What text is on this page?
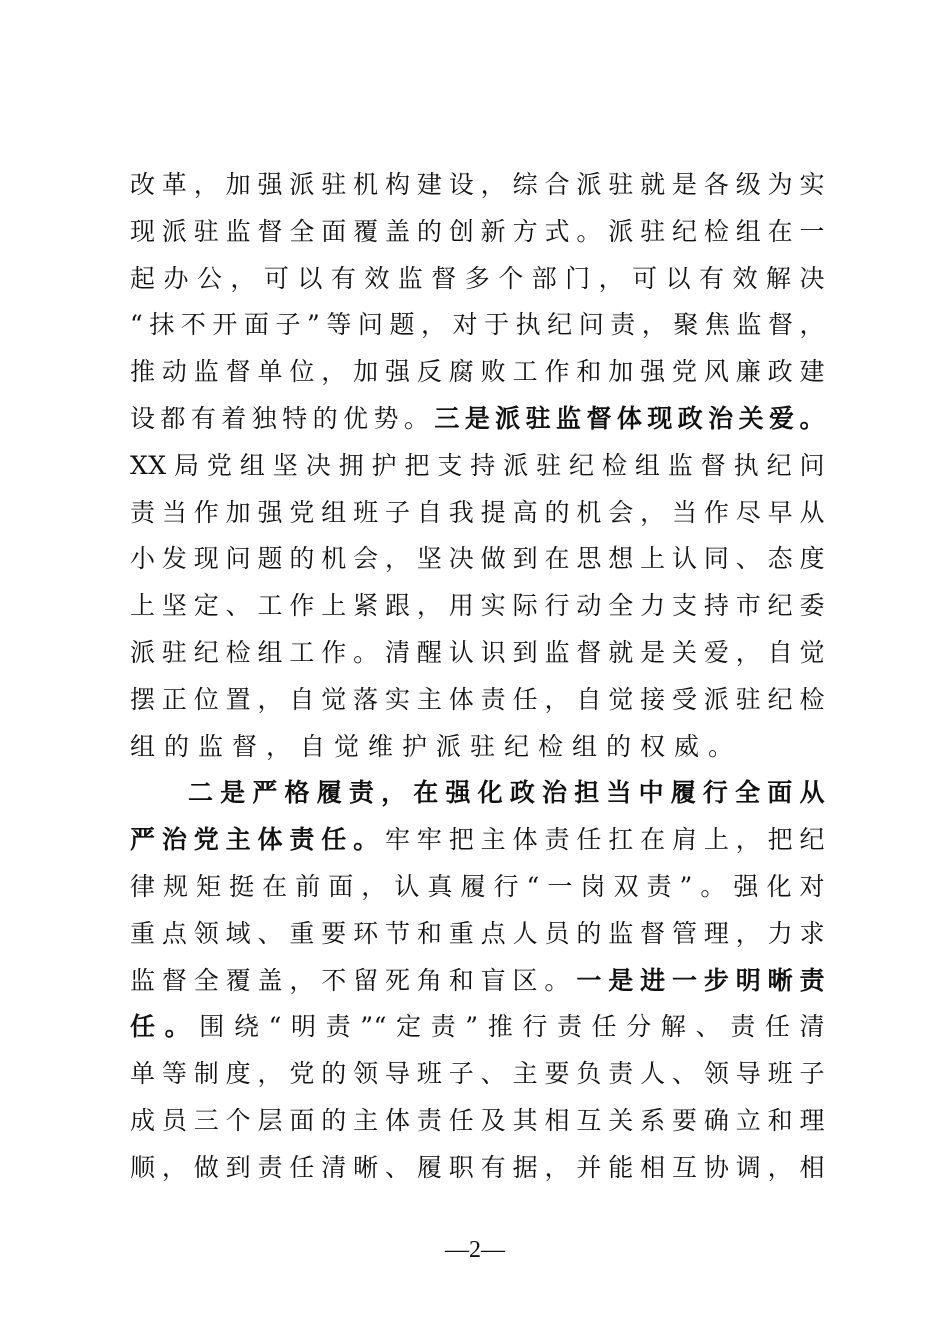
改革，加强派驻机构建设，综合派驻就是各级为实
现派驻监督全面覆盖的创新方式。派驻纪检组在一
起办公，可以有效监督多个部门，可以有效解决
“抹不开面子”等问题，对于执纪问责，聚焦监督，
推动监督单位，加强反腐败工作和加强党风廉政建
设都有着独特的优势。三是派驻监督体现政治关爱。
XX局党组坚决拥护把支持派驻纪检组监督执纪问
责当作加强党组班子自我提高的机会，当作尽早从
小发现问题的机会，坚决做到在思想上认同、态度
上坚定、工作上紧跟，用实际行动全力支持市纪委
派驻纪检组工作。清醒认识到监督就是关爱，自觉
摆正位置，自觉落实主体责任，自觉接受派驻纪检
组的监督，自觉维护派驻纪检组的权威。
二是严格履责，在强化政治担当中履行全面从
严治党主体责任。牢牢把主体责任扛在肩上，把纪
律规矩挺在前面，认真履行“一岗双责”。强化对
重点领域、重要环节和重点人员的监督管理，力求
监督全覆盖，不留死角和盲区。一是进一步明晰责
任。围绕“明责”“定责”推行责任分解、责任清
单等制度，党的领导班子、主要负责人、领导班子
成员三个层面的主体责任及其相互关系要确立和理
顺，做到责任清晰、履职有据，并能相互协调，相
—2—
